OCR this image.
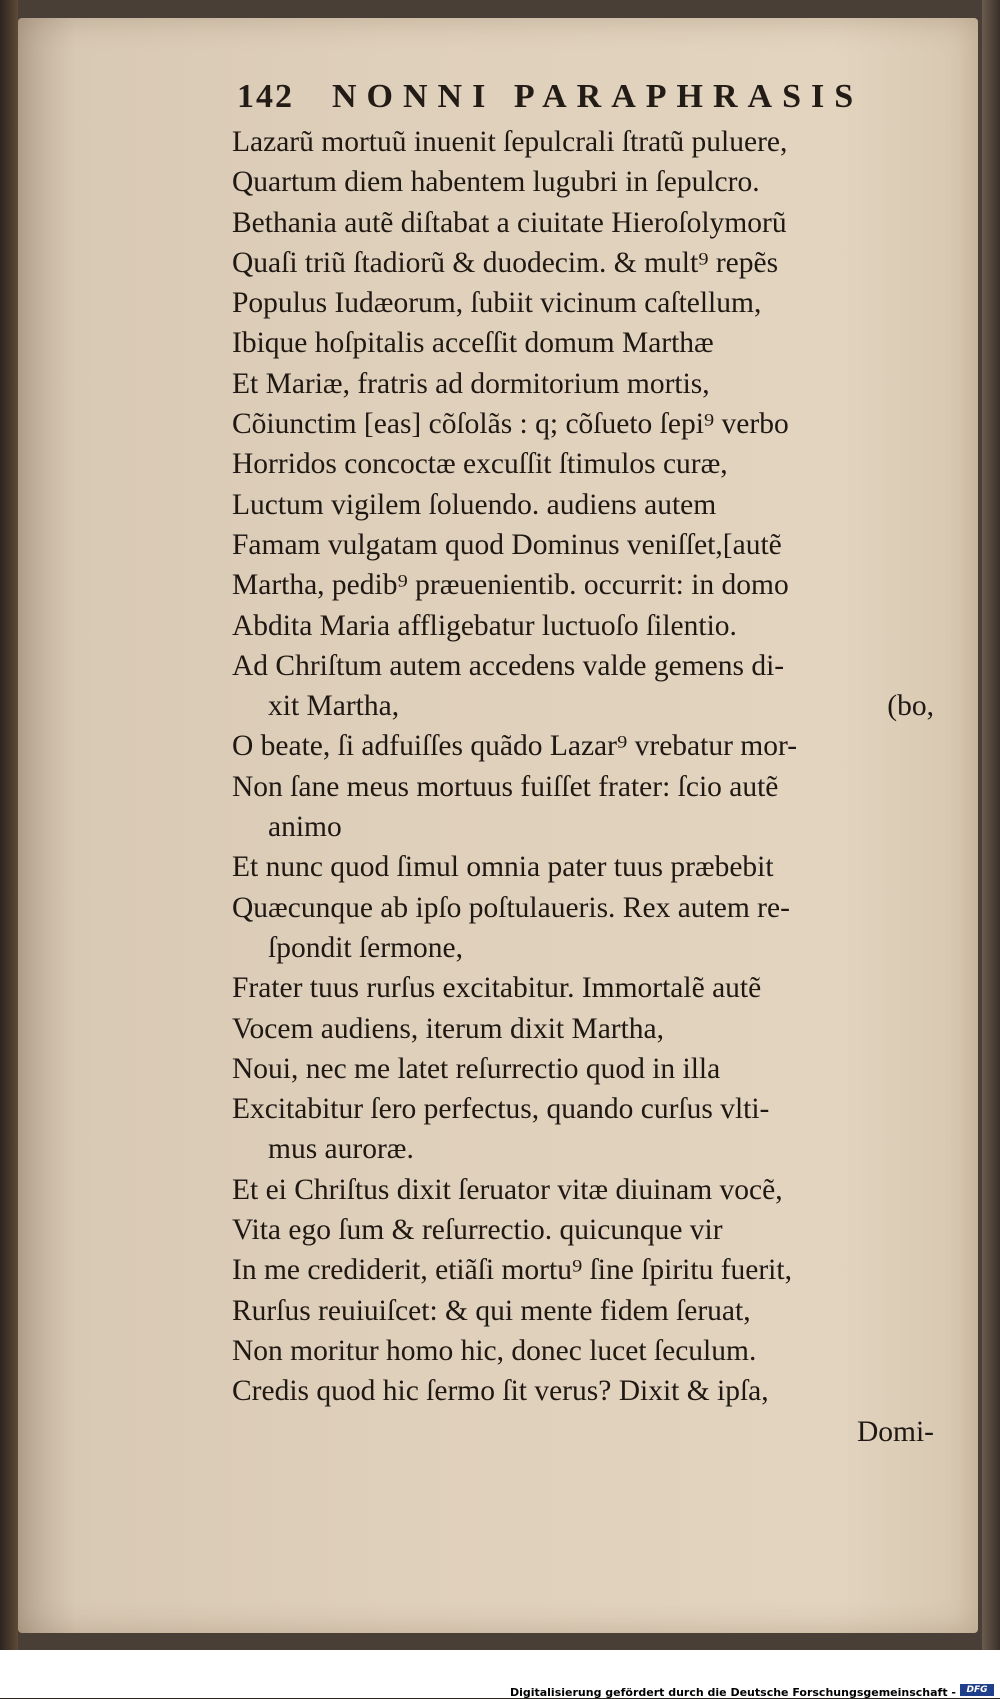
142 NONNI PARAPHRASIS
Lazarũ mortuũ inuenit ſepulcrali ſtratũ puluere,
Quartum diem habentem lugubri in ſepulcro.
Bethania autẽ diſtabat a ciuitate Hieroſolymorũ
Quaſi triũ ſtadiorũ & duodecim. & mult⁹ repẽs
Populus Iudæorum, ſubiit vicinum caſtellum,
Ibique hoſpitalis acceſſit domum Marthæ
Et Mariæ, fratris ad dormitorium mortis,
Cõiunctim [eas] cõſolãs : q; cõſueto ſepi⁹ verbo
Horridos concoctæ excuſſit ſtimulos curæ,
Luctum vigilem ſoluendo. audiens autem
Famam vulgatam quod Dominus veniſſet,[autẽ
Martha, pedib⁹ præuenientib. occurrit: in domo
Abdita Maria affligebatur luctuoſo ſilentio.
Ad Chriſtum autem accedens valde gemens di-
xit Martha,	(bo,
O beate, ſi adfuiſſes quãdo Lazar⁹ vrebatur mor-
Non ſane meus mortuus fuiſſet frater: ſcio autẽ
animo
Et nunc quod ſimul omnia pater tuus præbebit
Quæcunque ab ipſo poſtulaueris. Rex autem re-
ſpondit ſermone,
Frater tuus rurſus excitabitur. Immortalẽ autẽ
Vocem audiens, iterum dixit Martha,
Noui, nec me latet reſurrectio quod in illa
Excitabitur ſero perfectus, quando curſus vlti-
mus auroræ.
Et ei Chriſtus dixit ſeruator vitæ diuinam vocẽ,
Vita ego ſum & reſurrectio. quicunque vir
In me crediderit, etiãſi mortu⁹ ſine ſpiritu fuerit,
Rurſus reuiuiſcet: & qui mente fidem ſeruat,
Non moritur homo hic, donec lucet ſeculum.
Credis quod hic ſermo ſit verus? Dixit & ipſa,
Domi-
Digitalisierung gefördert durch die Deutsche Forschungsgemeinschaft -	DFG
